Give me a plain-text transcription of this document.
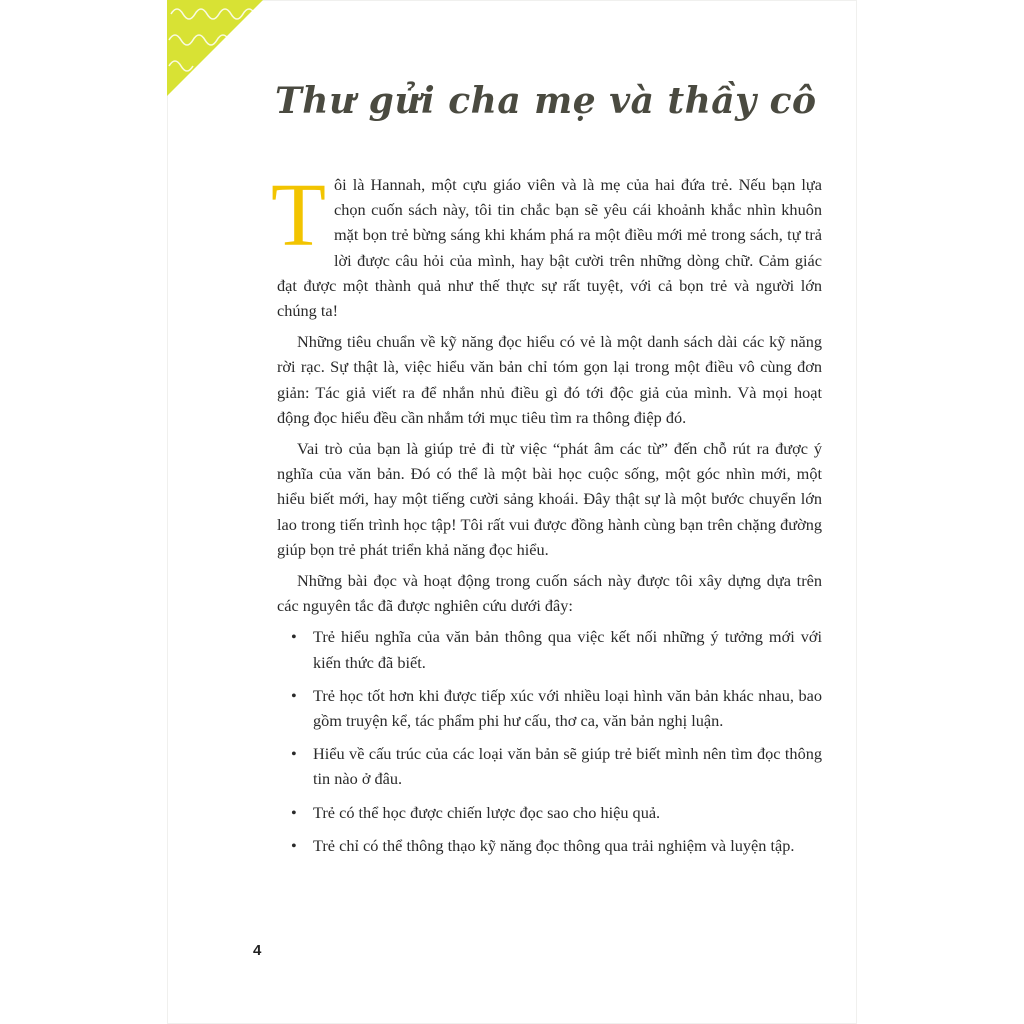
Thư gửi cha mẹ và thầy cô

Tôi là Hannah, một cựu giáo viên và là mẹ của hai đứa trẻ. Nếu bạn lựa chọn cuốn sách này, tôi tin chắc bạn sẽ yêu cái khoảnh khắc nhìn khuôn mặt bọn trẻ bừng sáng khi khám phá ra một điều mới mẻ trong sách, tự trả lời được câu hỏi của mình, hay bật cười trên những dòng chữ. Cảm giác đạt được một thành quả như thế thực sự rất tuyệt, với cả bọn trẻ và người lớn chúng ta!

Những tiêu chuẩn về kỹ năng đọc hiểu có vẻ là một danh sách dài các kỹ năng rời rạc. Sự thật là, việc hiểu văn bản chỉ tóm gọn lại trong một điều vô cùng đơn giản: Tác giả viết ra để nhắn nhủ điều gì đó tới độc giả của mình. Và mọi hoạt động đọc hiểu đều cần nhắm tới mục tiêu tìm ra thông điệp đó.

Vai trò của bạn là giúp trẻ đi từ việc “phát âm các từ” đến chỗ rút ra được ý nghĩa của văn bản. Đó có thể là một bài học cuộc sống, một góc nhìn mới, một hiểu biết mới, hay một tiếng cười sảng khoái. Đây thật sự là một bước chuyển lớn lao trong tiến trình học tập! Tôi rất vui được đồng hành cùng bạn trên chặng đường giúp bọn trẻ phát triển khả năng đọc hiểu.

Những bài đọc và hoạt động trong cuốn sách này được tôi xây dựng dựa trên các nguyên tắc đã được nghiên cứu dưới đây:

• Trẻ hiểu nghĩa của văn bản thông qua việc kết nối những ý tưởng mới với kiến thức đã biết.
• Trẻ học tốt hơn khi được tiếp xúc với nhiều loại hình văn bản khác nhau, bao gồm truyện kể, tác phẩm phi hư cấu, thơ ca, văn bản nghị luận.
• Hiểu về cấu trúc của các loại văn bản sẽ giúp trẻ biết mình nên tìm đọc thông tin nào ở đâu.
• Trẻ có thể học được chiến lược đọc sao cho hiệu quả.
• Trẻ chỉ có thể thông thạo kỹ năng đọc thông qua trải nghiệm và luyện tập.
4
